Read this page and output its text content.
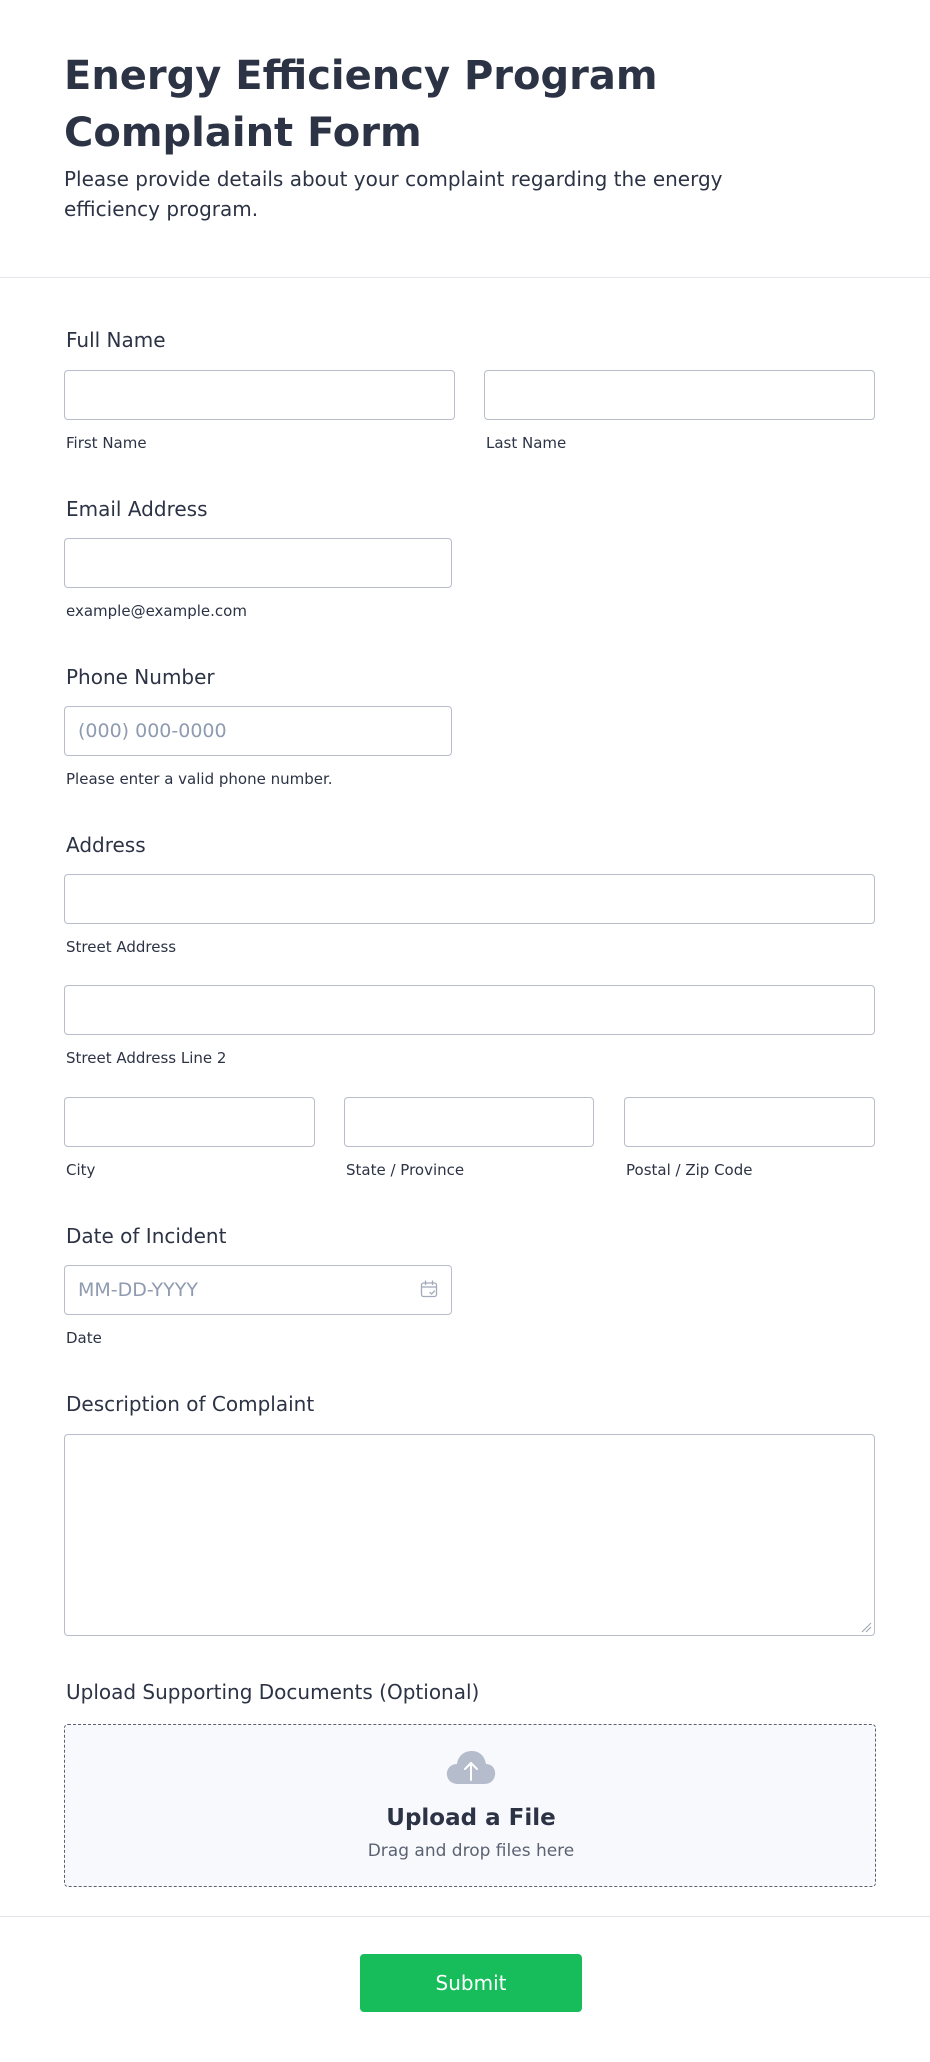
Energy Efficiency Program Complaint Form

Please provide details about your complaint regarding the energy efficiency program.

Full Name
First Name	Last Name
Email Address
example@example.com
Phone Number
(000) 000-0000
Please enter a valid phone number.
Address
Street Address
Street Address Line 2
City	State / Province	Postal / Zip Code
Date of Incident
MM-DD-YYYY
Date
Description of Complaint
Upload Supporting Documents (Optional)
Upload a File
Drag and drop files here
Submit
